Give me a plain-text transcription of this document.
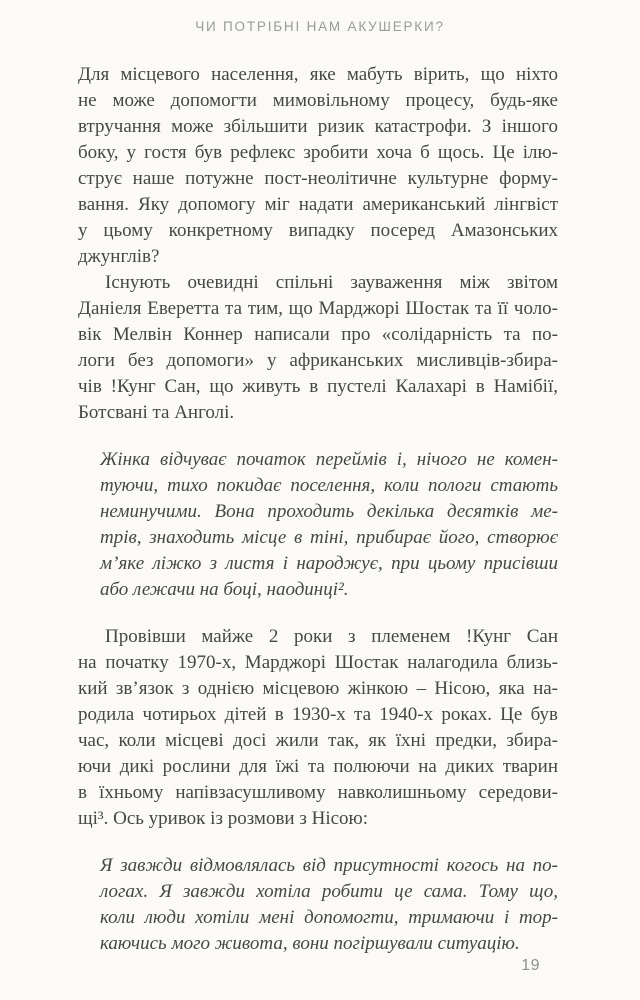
ЧИ ПОТРІБНІ НАМ АКУШЕРКИ?
Для місцевого населення, яке мабуть вірить, що ніхто
не може допомогти мимовільному процесу, будь-яке
втручання може збільшити ризик катастрофи. З іншого
боку, у гостя був рефлекс зробити хоча б щось. Це ілю-
струє наше потужне пост-неолітичне культурне форму-
вання. Яку допомогу міг надати американський лінгвіст
у цьому конкретному випадку посеред Амазонських
джунглів?
Існують очевидні спільні зауваження між звітом
Даніеля Еверетта та тим, що Марджорі Шостак та її чоло-
вік Мелвін Коннер написали про «солідарність та по-
логи без допомоги» у африканських мисливців-збира-
чів !Кунг Сан, що живуть в пустелі Калахарі в Намібії,
Ботсвані та Анголі.
Жінка відчуває початок переймів і, нічого не комен-
туючи, тихо покидає поселення, коли пологи стають
неминучими. Вона проходить декілька десятків ме-
трів, знаходить місце в тіні, прибирає його, створює
м’яке ліжко з листя і народжує, при цьому присівши
або лежачи на боці, наодинці².
Провівши майже 2 роки з племенем !Кунг Сан
на початку 1970-х, Марджорі Шостак налагодила близь-
кий зв’язок з однією місцевою жінкою – Нісою, яка на-
родила чотирьох дітей в 1930-х та 1940-х роках. Це був
час, коли місцеві досі жили так, як їхні предки, збира-
ючи дикі рослини для їжі та полюючи на диких тварин
в їхньому напівзасушливому навколишньому середови-
щі³. Ось уривок із розмови з Нісою:
Я завжди відмовлялась від присутності когось на по-
логах. Я завжди хотіла робити це сама. Тому що,
коли люди хотіли мені допомогти, тримаючи і тор-
каючись мого живота, вони погіршували ситуацію.
19
